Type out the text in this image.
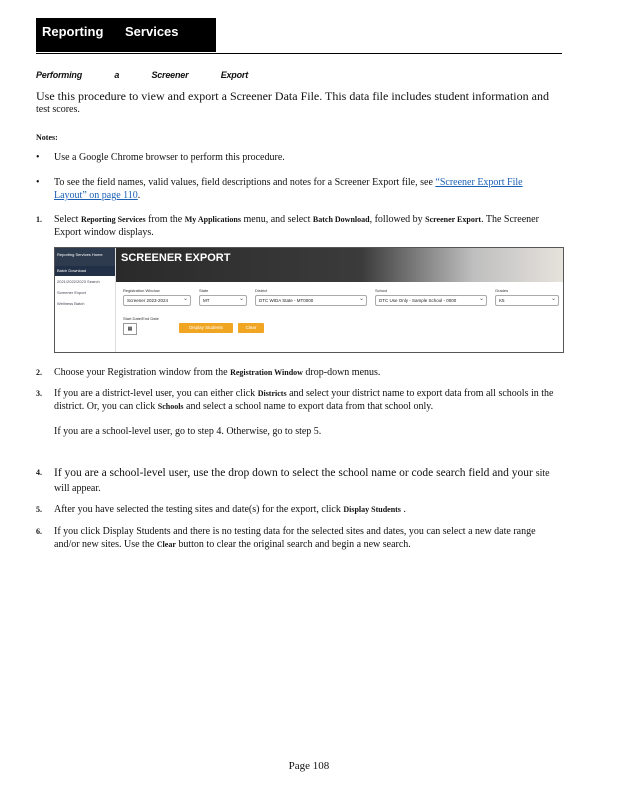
Reporting Services
Performing	a	Screener	Export
Use this procedure to view and export a Screener Data File. This data file includes student information and
test scores.
Notes:
• Use a Google Chrome browser to perform this procedure.
• To see the field names, valid values, field descriptions and notes for a Screener Export file, see “Screener Export File Layout” on page 110.
1. Select Reporting Services from the My Applications menu, and select Batch Download, followed by Screener Export. The Screener Export window displays.
Reporting Services Home
Batch Download
2021/2022/2023 Search
Screener Export
Wellness Batch
SCREENER EXPORT
Registration Window
Screener 2023-2024 ⌄
State
MT ⌄
District
DTC WIDA State - MT0000 ⌄
School
DTC Use Only - Sample School - 0000 ⌄
Grades
K5 ⌄
Start Date/End Date
▦	Display Students	Clear
2. Choose your Registration window from the Registration Window drop-down menus.
3. If you are a district-level user, you can either click Districts and select your district name to export data from all schools in the district. Or, you can click Schools and select a school name to export data from that school only.
If you are a school-level user, go to step 4. Otherwise, go to step 5.
4. If you are a school-level user, use the drop down to select the school name or code search field and your site will appear.
5. After you have selected the testing sites and date(s) for the export, click Display Students .
6. If you click Display Students and there is no testing data for the selected sites and dates, you can select a new date range and/or new sites. Use the Clear button to clear the original search and begin a new search.
Page 108
